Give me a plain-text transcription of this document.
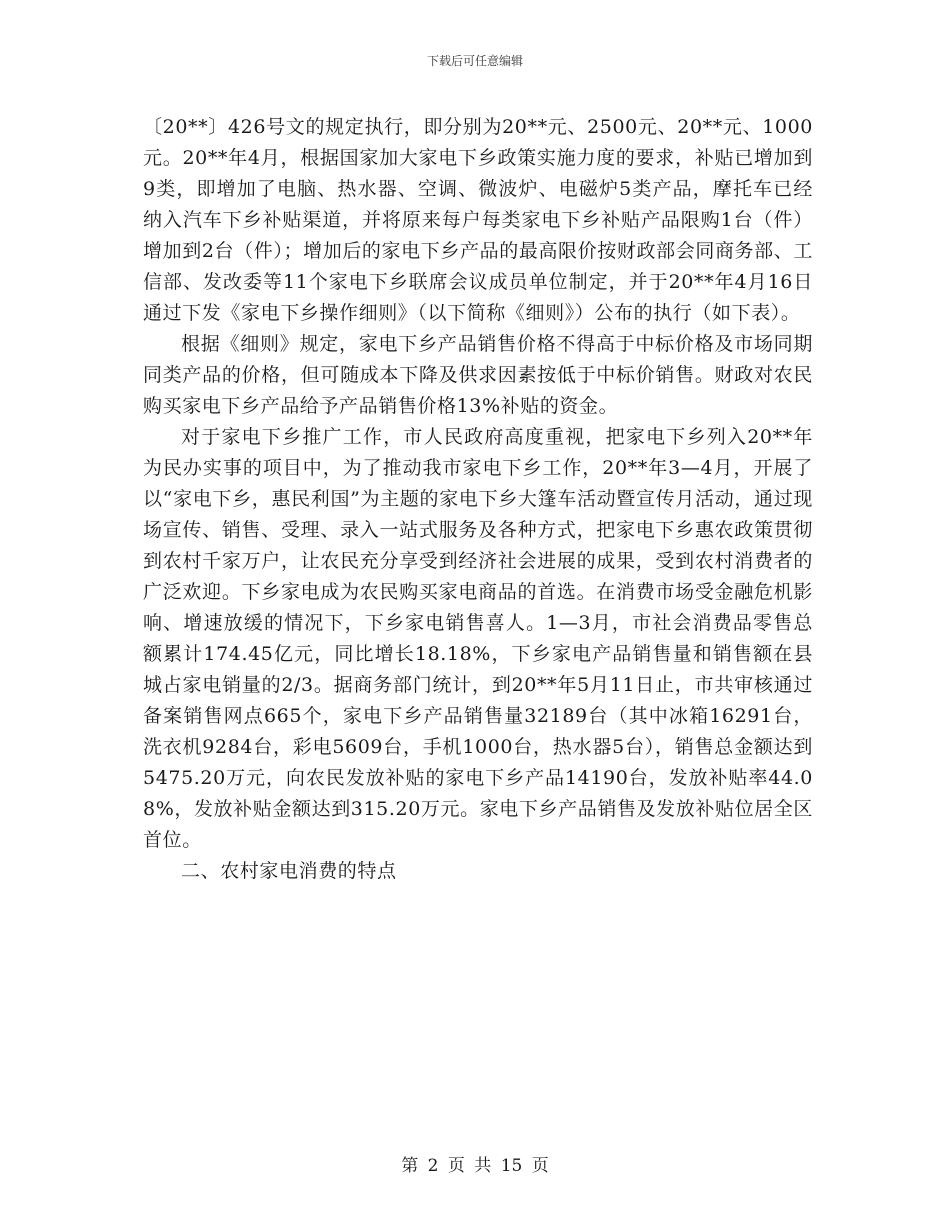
下载后可任意编辑

〔20**〕426号文的规定执行，即分别为20**元、2500元、20**元、1000元。20**年4月，根据国家加大家电下乡政策实施力度的要求，补贴已增加到9类，即增加了电脑、热水器、空调、微波炉、电磁炉5类产品，摩托车已经纳入汽车下乡补贴渠道，并将原来每户每类家电下乡补贴产品限购1台（件）增加到2台（件）；增加后的家电下乡产品的最高限价按财政部会同商务部、工信部、发改委等11个家电下乡联席会议成员单位制定，并于20**年4月16日通过下发《家电下乡操作细则》（以下简称《细则》）公布的执行（如下表）。

根据《细则》规定，家电下乡产品销售价格不得高于中标价格及市场同期同类产品的价格，但可随成本下降及供求因素按低于中标价销售。财政对农民购买家电下乡产品给予产品销售价格13%补贴的资金。

对于家电下乡推广工作，市人民政府高度重视，把家电下乡列入20**年为民办实事的项目中，为了推动我市家电下乡工作，20**年3—4月，开展了以“家电下乡，惠民利国”为主题的家电下乡大篷车活动暨宣传月活动，通过现场宣传、销售、受理、录入一站式服务及各种方式，把家电下乡惠农政策贯彻到农村千家万户，让农民充分享受到经济社会进展的成果，受到农村消费者的广泛欢迎。下乡家电成为农民购买家电商品的首选。在消费市场受金融危机影响、增速放缓的情况下，下乡家电销售喜人。1—3月，市社会消费品零售总额累计174.45亿元，同比增长18.18%，下乡家电产品销售量和销售额在县城占家电销量的2/3。据商务部门统计，到20**年5月11日止，市共审核通过备案销售网点665个，家电下乡产品销售量32189台（其中冰箱16291台，洗衣机9284台，彩电5609台，手机1000台，热水器5台），销售总金额达到5475.20万元，向农民发放补贴的家电下乡产品14190台，发放补贴率44.08%，发放补贴金额达到315.20万元。家电下乡产品销售及发放补贴位居全区首位。

二、农村家电消费的特点

第 2 页 共 15 页
